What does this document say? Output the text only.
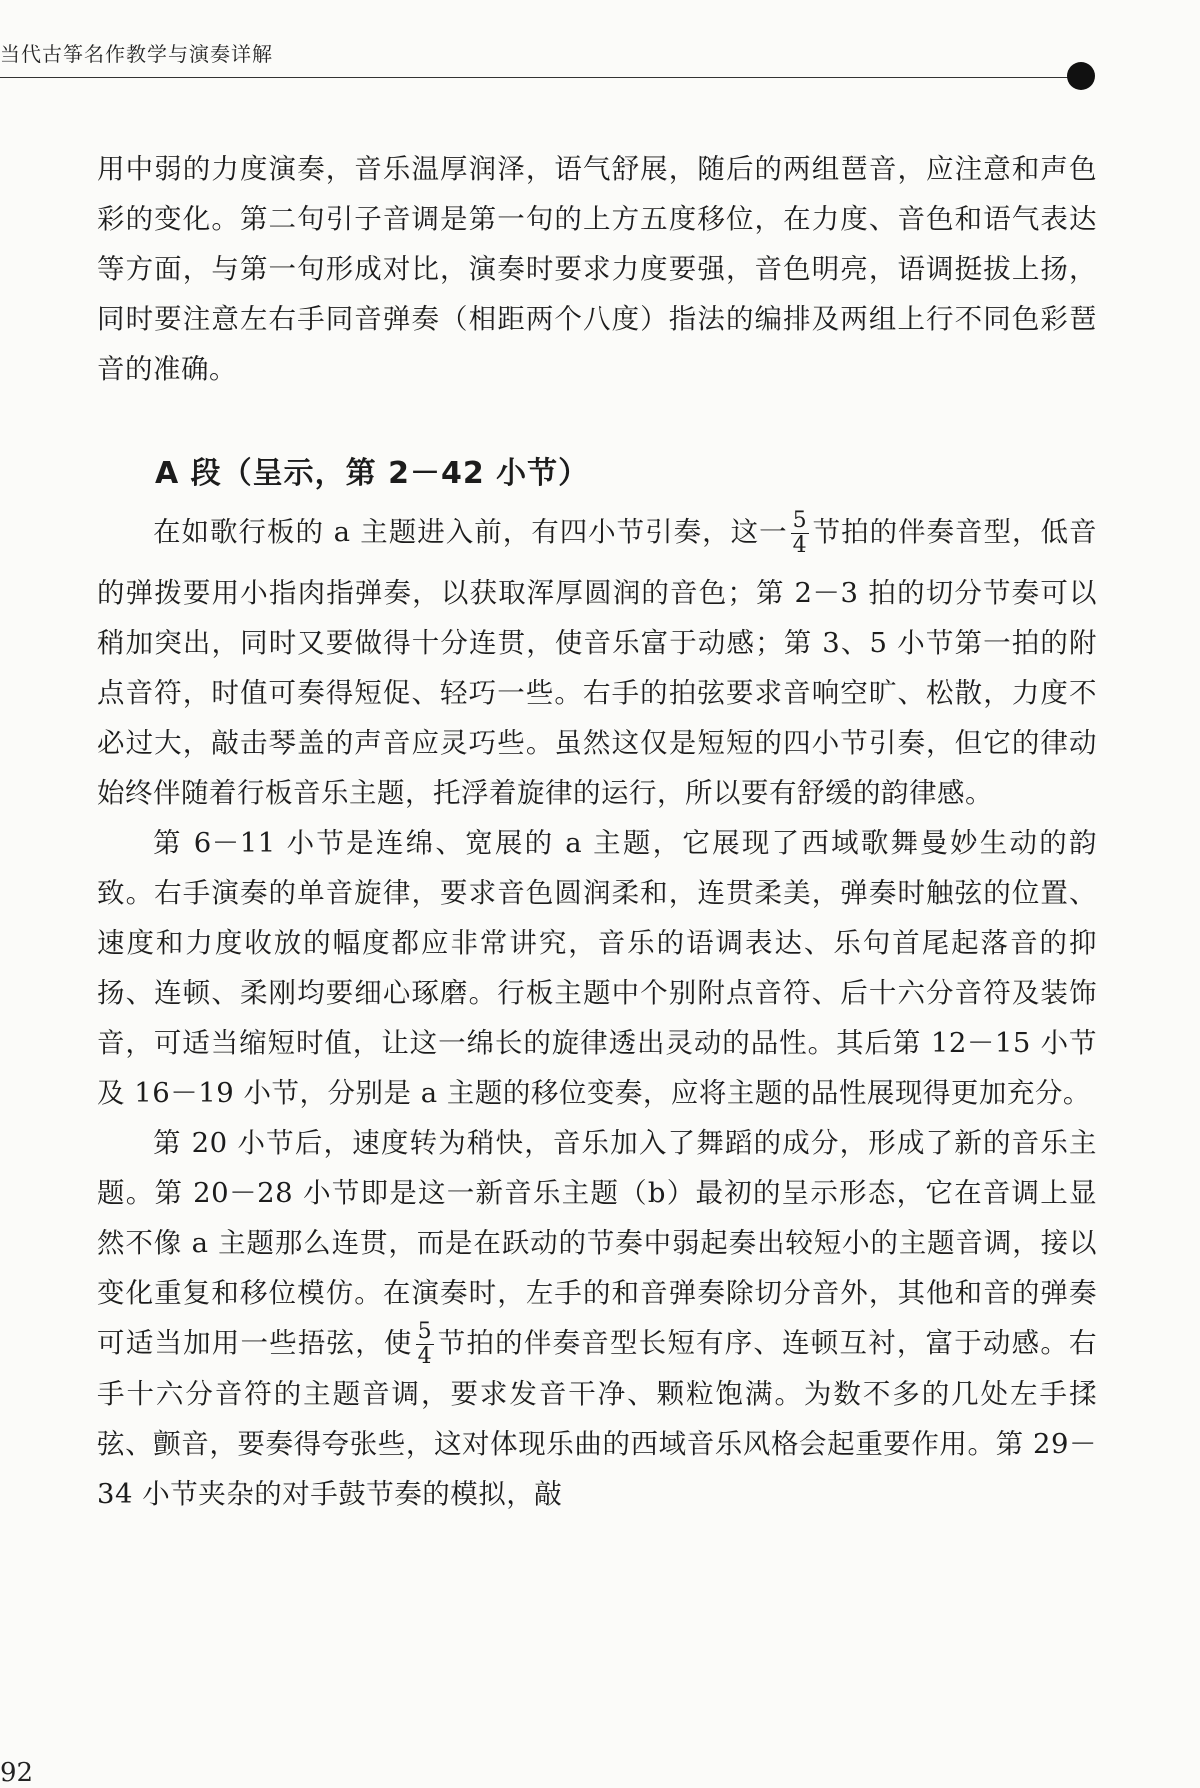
当代古筝名作教学与演奏详解

用中弱的力度演奏，音乐温厚润泽，语气舒展，随后的两组琶音，应注意和声色彩的变化。第二句引子音调是第一句的上方五度移位，在力度、音色和语气表达等方面，与第一句形成对比，演奏时要求力度要强，音色明亮，语调挺拔上扬，同时要注意左右手同音弹奏（相距两个八度）指法的编排及两组上行不同色彩琶音的准确。

A 段（呈示，第 2－42 小节）

在如歌行板的 a 主题进入前，有四小节引奏，这一 $\frac{5}{4}$ 节拍的伴奏音型，低音的弹拨要用小指肉指弹奏，以获取浑厚圆润的音色；第 2－3 拍的切分节奏可以稍加突出，同时又要做得十分连贯，使音乐富于动感；第 3、5 小节第一拍的附点音符，时值可奏得短促、轻巧一些。右手的拍弦要求音响空旷、松散，力度不必过大，敲击琴盖的声音应灵巧些。虽然这仅是短短的四小节引奏，但它的律动始终伴随着行板音乐主题，托浮着旋律的运行，所以要有舒缓的韵律感。

第 6－11 小节是连绵、宽展的 a 主题，它展现了西域歌舞曼妙生动的韵致。右手演奏的单音旋律，要求音色圆润柔和，连贯柔美，弹奏时触弦的位置、速度和力度收放的幅度都应非常讲究，音乐的语调表达、乐句首尾起落音的抑扬、连顿、柔刚均要细心琢磨。行板主题中个别附点音符、后十六分音符及装饰音，可适当缩短时值，让这一绵长的旋律透出灵动的品性。其后第 12－15 小节及 16－19 小节，分别是 a 主题的移位变奏，应将主题的品性展现得更加充分。

第 20 小节后，速度转为稍快，音乐加入了舞蹈的成分，形成了新的音乐主题。第 20－28 小节即是这一新音乐主题（b）最初的呈示形态，它在音调上显然不像 a 主题那么连贯，而是在跃动的节奏中弱起奏出较短小的主题音调，接以变化重复和移位模仿。在演奏时，左手的和音弹奏除切分音外，其他和音的弹奏可适当加用一些捂弦，使 $\frac{5}{4}$ 节拍的伴奏音型长短有序、连顿互衬，富于动感。右手十六分音符的主题音调，要求发音干净、颗粒饱满。为数不多的几处左手揉弦、颤音，要奏得夸张些，这对体现乐曲的西域音乐风格会起重要作用。第 29－34 小节夹杂的对手鼓节奏的模拟，敲

92
